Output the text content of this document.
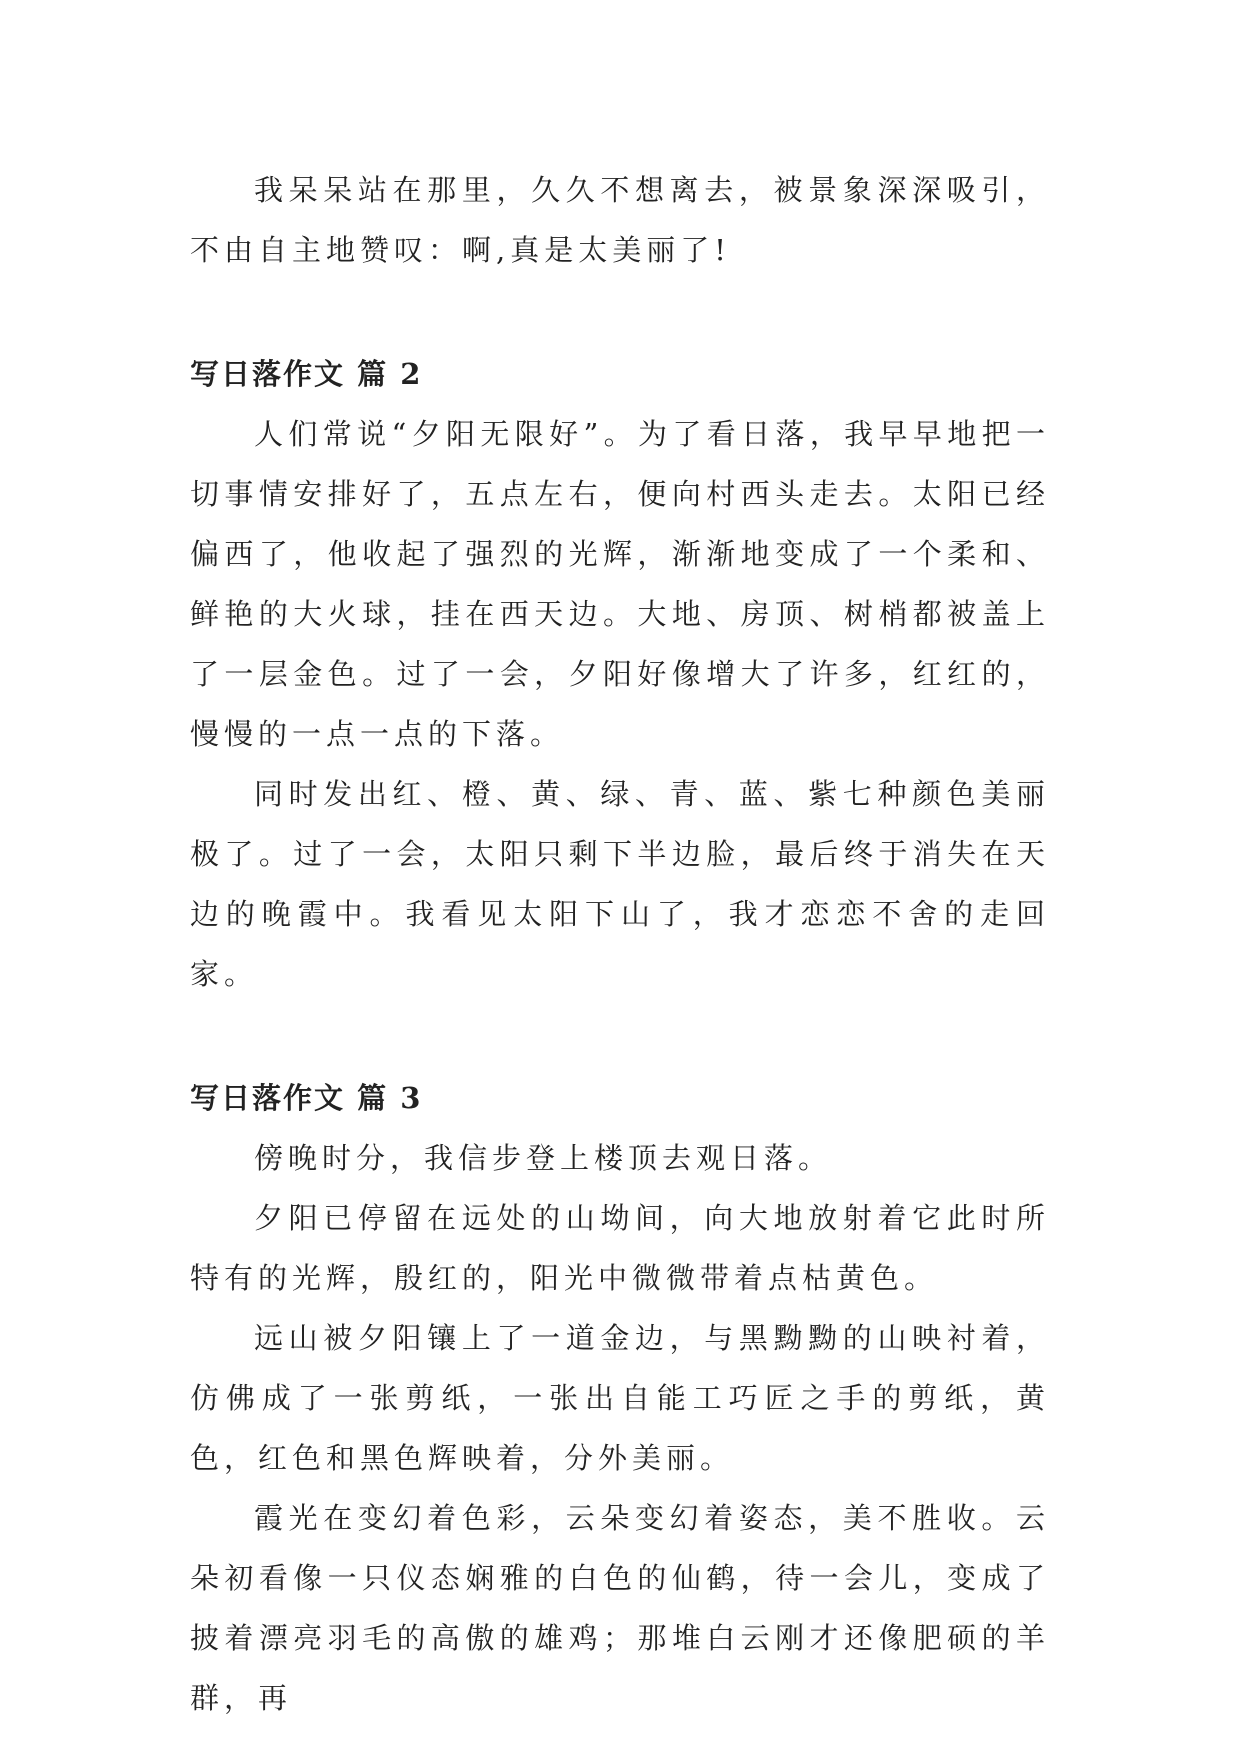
我呆呆站在那里，久久不想离去，被景象深深吸引，不由自主地赞叹：啊,真是太美丽了!

写日落作文 篇 2

人们常说“夕阳无限好”。为了看日落，我早早地把一切事情安排好了，五点左右，便向村西头走去。太阳已经偏西了，他收起了强烈的光辉，渐渐地变成了一个柔和、鲜艳的大火球，挂在西天边。大地、房顶、树梢都被盖上了一层金色。过了一会，夕阳好像增大了许多，红红的，慢慢的一点一点的下落。

同时发出红、橙、黄、绿、青、蓝、紫七种颜色美丽极了。过了一会，太阳只剩下半边脸，最后终于消失在天边的晚霞中。我看见太阳下山了，我才恋恋不舍的走回家。

写日落作文 篇 3

傍晚时分，我信步登上楼顶去观日落。

夕阳已停留在远处的山坳间，向大地放射着它此时所特有的光辉，殷红的，阳光中微微带着点枯黄色。

远山被夕阳镶上了一道金边，与黑黝黝的山映衬着，仿佛成了一张剪纸，一张出自能工巧匠之手的剪纸，黄色，红色和黑色辉映着，分外美丽。

霞光在变幻着色彩，云朵变幻着姿态，美不胜收。云朵初看像一只仪态娴雅的白色的仙鹤，待一会儿，变成了披着漂亮羽毛的高傲的雄鸡；那堆白云刚才还像肥硕的羊群，再
